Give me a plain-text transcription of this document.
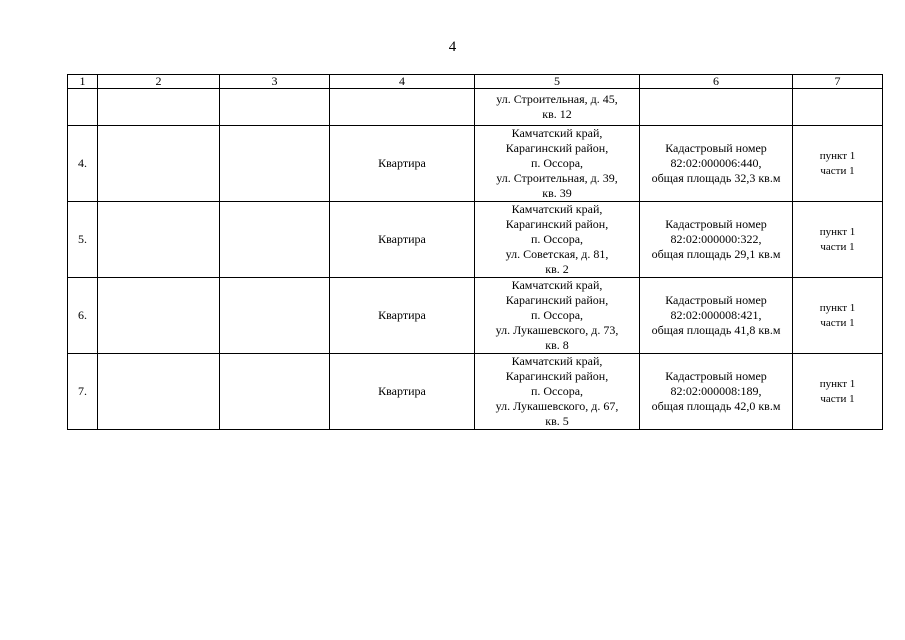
4
1	2	3	4	5	6	7

				ул. Строительная, д. 45,
кв. 12		

4.			Квартира	Камчатский край,
Карагинский район,
п. Оссора,
ул. Строительная, д. 39,
кв. 39	Кадастровый номер
82:02:000006:440,
общая площадь 32,3 кв.м	пункт 1
части 1

5.			Квартира	Камчатский край,
Карагинский район,
п. Оссора,
ул. Советская, д. 81,
кв. 2	Кадастровый номер
82:02:000000:322,
общая площадь 29,1 кв.м	пункт 1
части 1

6.			Квартира	Камчатский край,
Карагинский район,
п. Оссора,
ул. Лукашевского, д. 73,
кв. 8	Кадастровый номер
82:02:000008:421,
общая площадь 41,8 кв.м	пункт 1
части 1

7.			Квартира	Камчатский край,
Карагинский район,
п. Оссора,
ул. Лукашевского, д. 67,
кв. 5	Кадастровый номер
82:02:000008:189,
общая площадь 42,0 кв.м	пункт 1
части 1
